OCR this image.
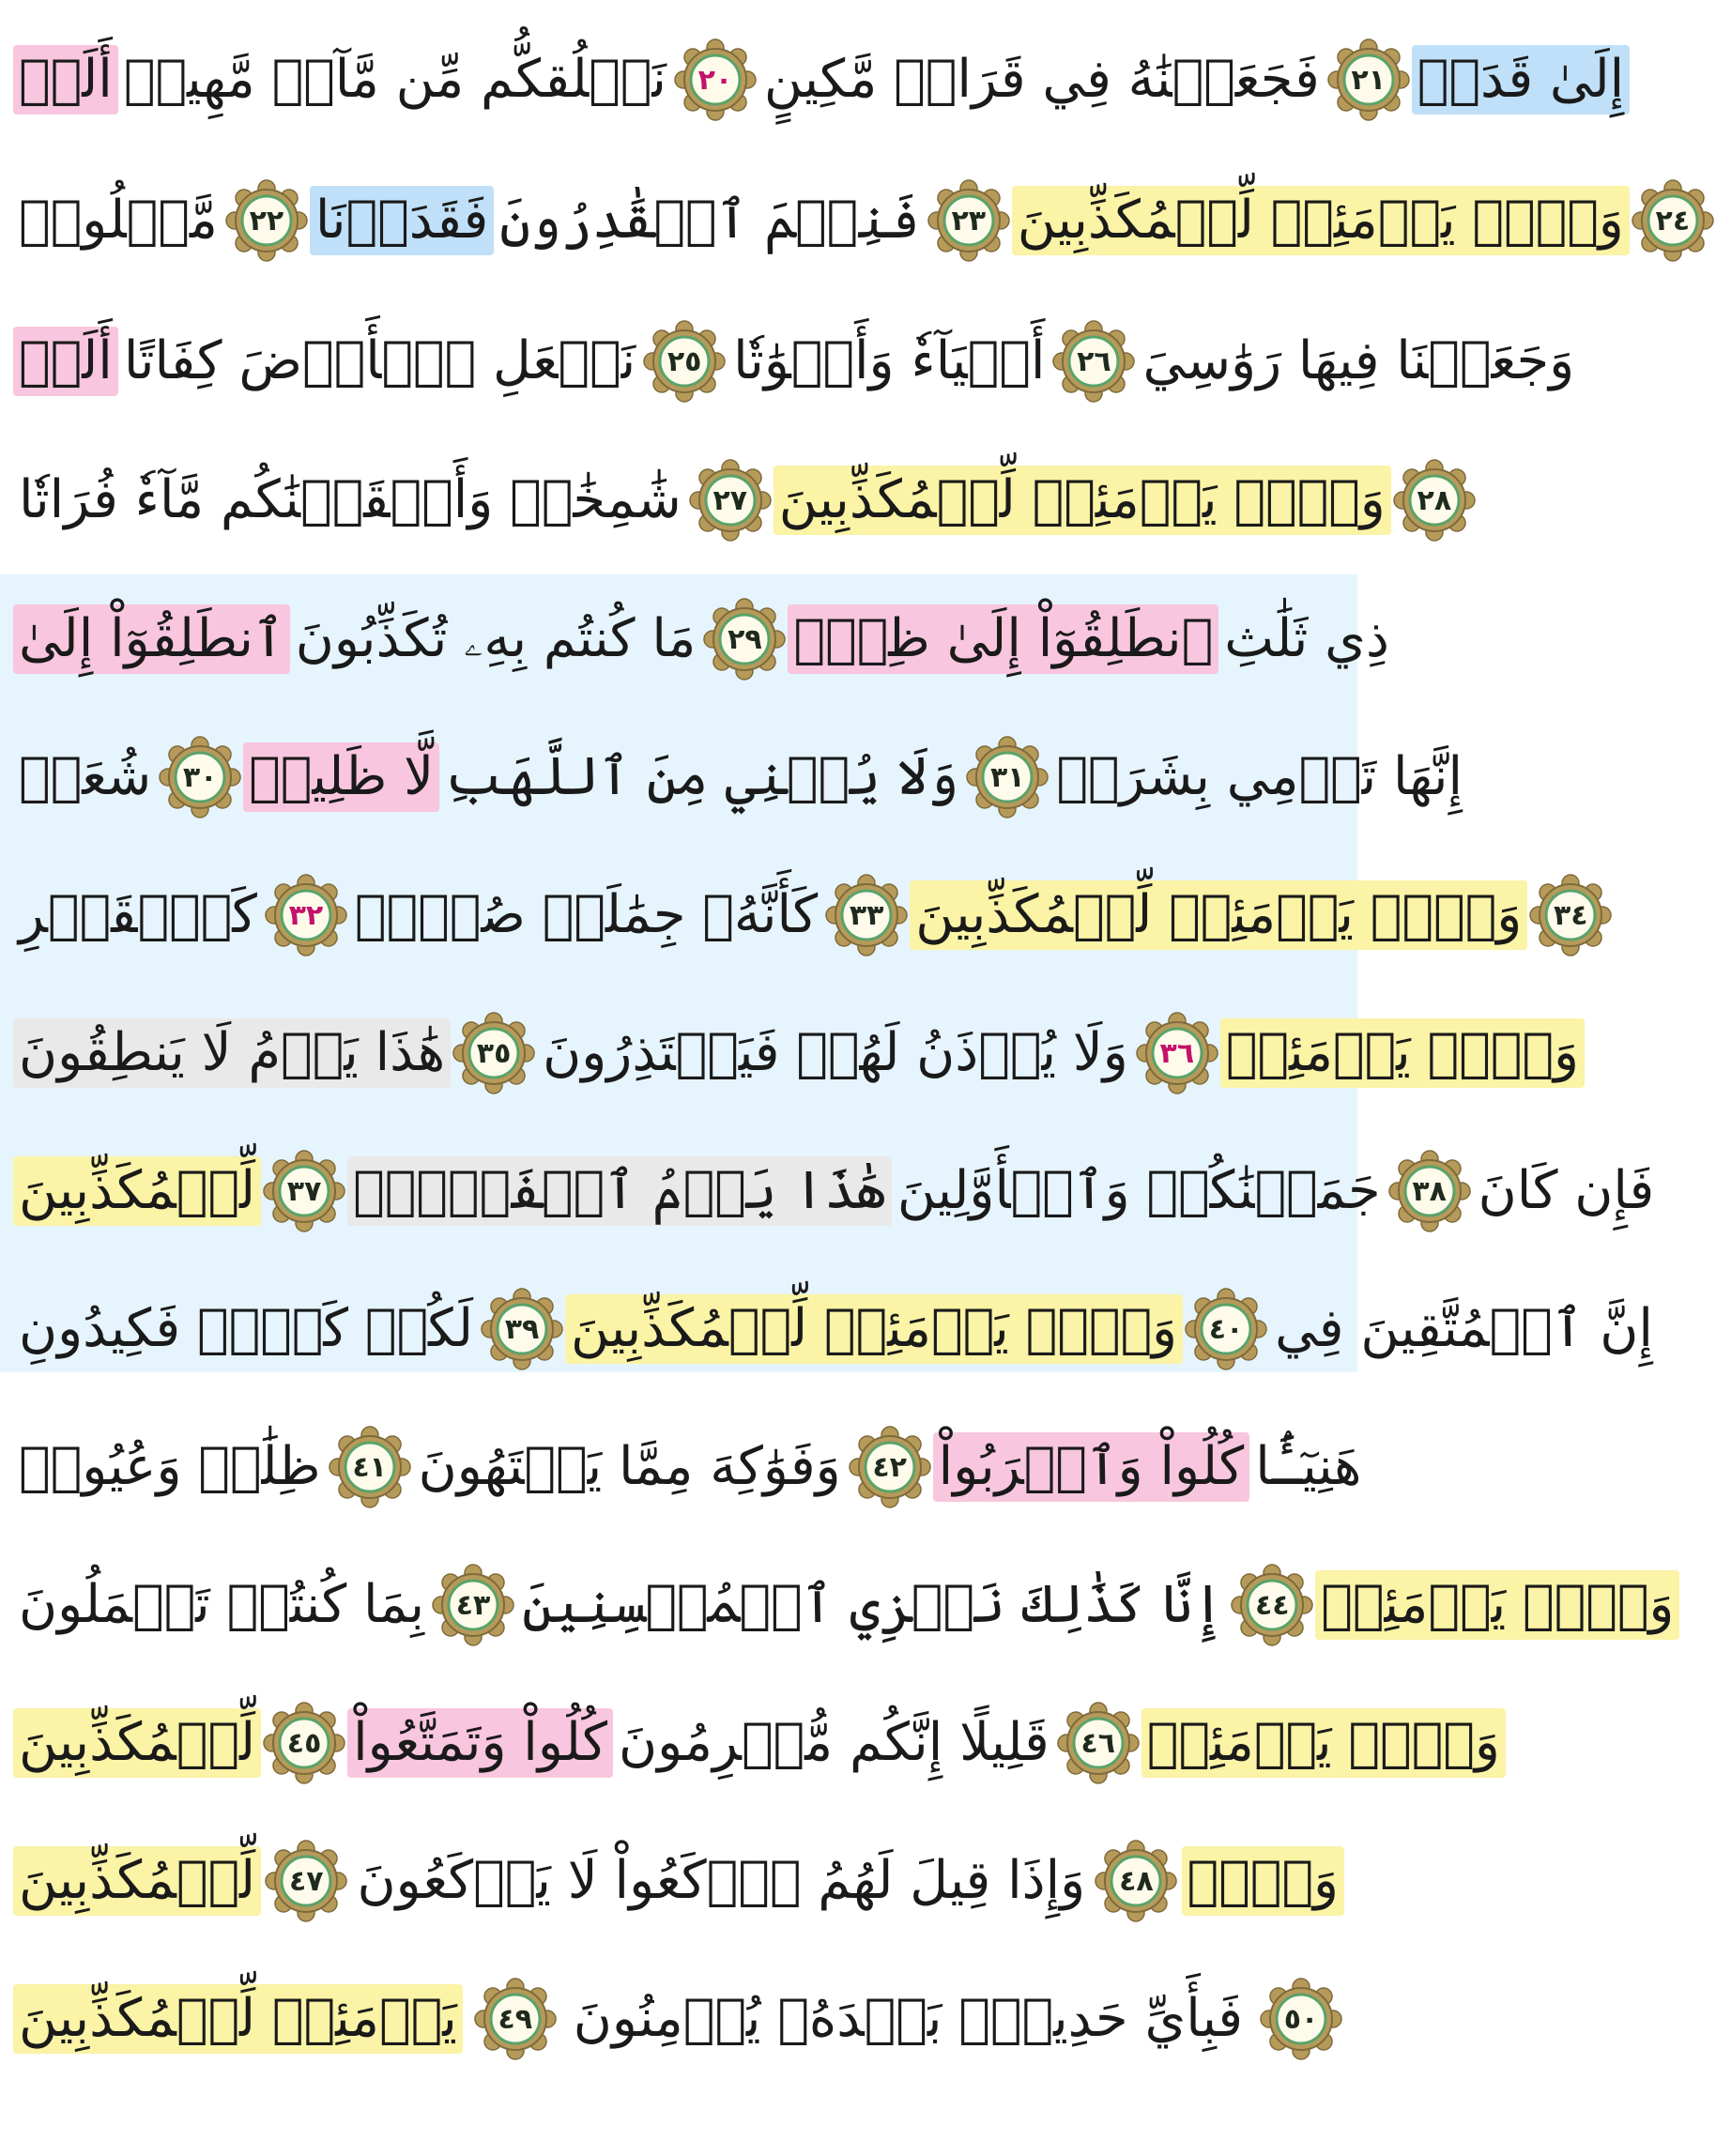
أَلَمۡ نَخۡلُقكُّم مِّن مَّآءٖ مَّهِينٖ ٢٠ فَجَعَلۡنَٰهُ فِي قَرَارٖ مَّكِينٍ ٢١ إِلَىٰ قَدَرٖ
مَّعۡلُومٖ ٢٢ فَقَدَرۡنَا فَنِعۡمَ ٱلۡقَٰدِرُونَ ٢٣ وَيۡلٞ يَوۡمَئِذٖ لِّلۡمُكَذِّبِينَ ٢٤
أَلَمۡ نَجۡعَلِ ٱلۡأَرۡضَ كِفَاتًا ٢٥ أَحۡيَآءٗ وَأَمۡوَٰتٗا ٢٦ وَجَعَلۡنَا فِيهَا رَوَٰسِيَ
شَٰمِخَٰتٖ وَأَسۡقَيۡنَٰكُم مَّآءٗ فُرَاتٗا ٢٧ وَيۡلٞ يَوۡمَئِذٖ لِّلۡمُكَذِّبِينَ ٢٨
ٱنطَلِقُوٓاْ إِلَىٰ مَا كُنتُم بِهِۦ تُكَذِّبُونَ ٢٩ ٱنطَلِقُوٓاْ إِلَىٰ ظِلّٖ ذِي ثَلَٰثِ
شُعَبٖ ٣٠ لَّا ظَلِيلٖ وَلَا يُغۡنِي مِنَ ٱللَّهَبِ ٣١ إِنَّهَا تَرۡمِي بِشَرَرٖ
كَٱلۡقَصۡرِ ٣٢ كَأَنَّهُۥ جِمَٰلَتٞ صُفۡرٞ ٣٣ وَيۡلٞ يَوۡمَئِذٖ لِّلۡمُكَذِّبِينَ ٣٤
هَٰذَا يَوۡمُ لَا يَنطِقُونَ ٣٥ وَلَا يُؤۡذَنُ لَهُمۡ فَيَعۡتَذِرُونَ ٣٦ وَيۡلٞ يَوۡمَئِذٖ
لِّلۡمُكَذِّبِينَ ٣٧ هَٰذَا يَوۡمُ ٱلۡفَصۡلِۖ جَمَعۡنَٰكُمۡ وَٱلۡأَوَّلِينَ ٣٨ فَإِن كَانَ
لَكُمۡ كَيۡدٞ فَكِيدُونِ ٣٩ وَيۡلٞ يَوۡمَئِذٖ لِّلۡمُكَذِّبِينَ ٤٠ إِنَّ ٱلۡمُتَّقِينَ فِي
ظِلَٰلٖ وَعُيُونٖ ٤١ وَفَوَٰكِهَ مِمَّا يَشۡتَهُونَ ٤٢ كُلُواْ وَٱشۡرَبُواْ هَنِيٓـَٔۢا
بِمَا كُنتُمۡ تَعۡمَلُونَ ٤٣ إِنَّا كَذَٰلِكَ نَجۡزِي ٱلۡمُحۡسِنِينَ ٤٤ وَيۡلٞ يَوۡمَئِذٖ
لِّلۡمُكَذِّبِينَ ٤٥ كُلُواْ وَتَمَتَّعُواْ قَلِيلًا إِنَّكُم مُّجۡرِمُونَ ٤٦ وَيۡلٞ يَوۡمَئِذٖ
لِّلۡمُكَذِّبِينَ ٤٧ وَإِذَا قِيلَ لَهُمُ ٱرۡكَعُواْ لَا يَرۡكَعُونَ ٤٨ وَيۡلٞ
يَوۡمَئِذٖ لِّلۡمُكَذِّبِينَ ٤٩ فَبِأَيِّ حَدِيثِۭ بَعۡدَهُۥ يُؤۡمِنُونَ ٥٠
